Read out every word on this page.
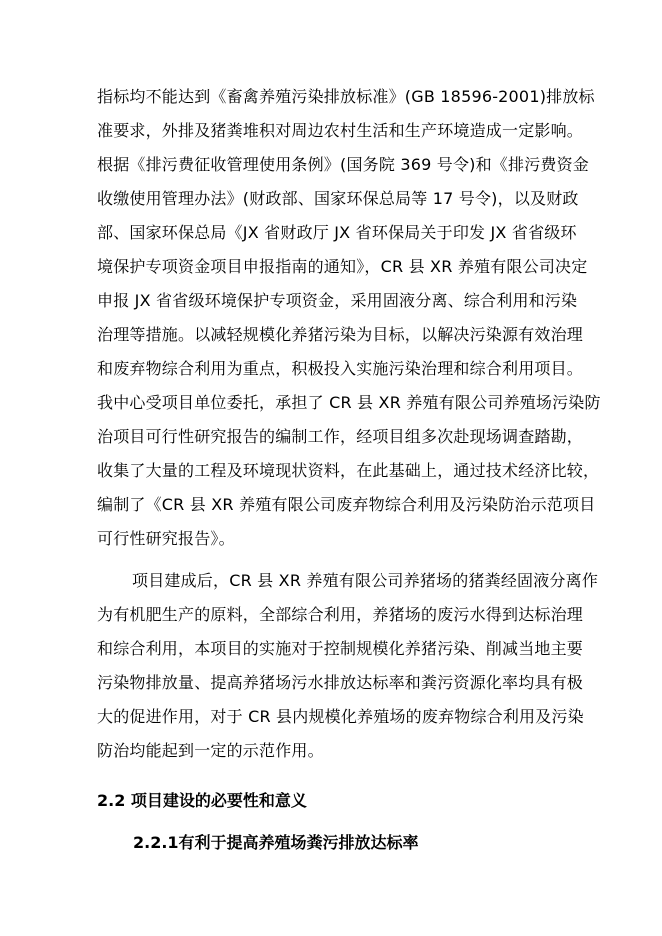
指标均不能达到《畜禽养殖污染排放标准》(GB 18596-2001)排放标
准要求，外排及猪粪堆积对周边农村生活和生产环境造成一定影响。
根据《排污费征收管理使用条例》(国务院 369 号令)和《排污费资金
收缴使用管理办法》(财政部、国家环保总局等 17 号令)，以及财政
部、国家环保总局《JX 省财政厅 JX 省环保局关于印发 JX 省省级环
境保护专项资金项目申报指南的通知》，CR 县 XR 养殖有限公司决定
申报 JX 省省级环境保护专项资金，采用固液分离、综合利用和污染
治理等措施。以减轻规模化养猪污染为目标，以解决污染源有效治理
和废弃物综合利用为重点，积极投入实施污染治理和综合利用项目。
我中心受项目单位委托，承担了 CR 县 XR 养殖有限公司养殖场污染防
治项目可行性研究报告的编制工作，经项目组多次赴现场调查踏勘，
收集了大量的工程及环境现状资料，在此基础上，通过技术经济比较，
编制了《CR 县 XR 养殖有限公司废弃物综合利用及污染防治示范项目
可行性研究报告》。
项目建成后，CR 县 XR 养殖有限公司养猪场的猪粪经固液分离作
为有机肥生产的原料，全部综合利用，养猪场的废污水得到达标治理
和综合利用，本项目的实施对于控制规模化养猪污染、削减当地主要
污染物排放量、提高养猪场污水排放达标率和粪污资源化率均具有极
大的促进作用，对于 CR 县内规模化养殖场的废弃物综合利用及污染
防治均能起到一定的示范作用。
2.2 项目建设的必要性和意义
2.2.1有利于提高养殖场粪污排放达标率
